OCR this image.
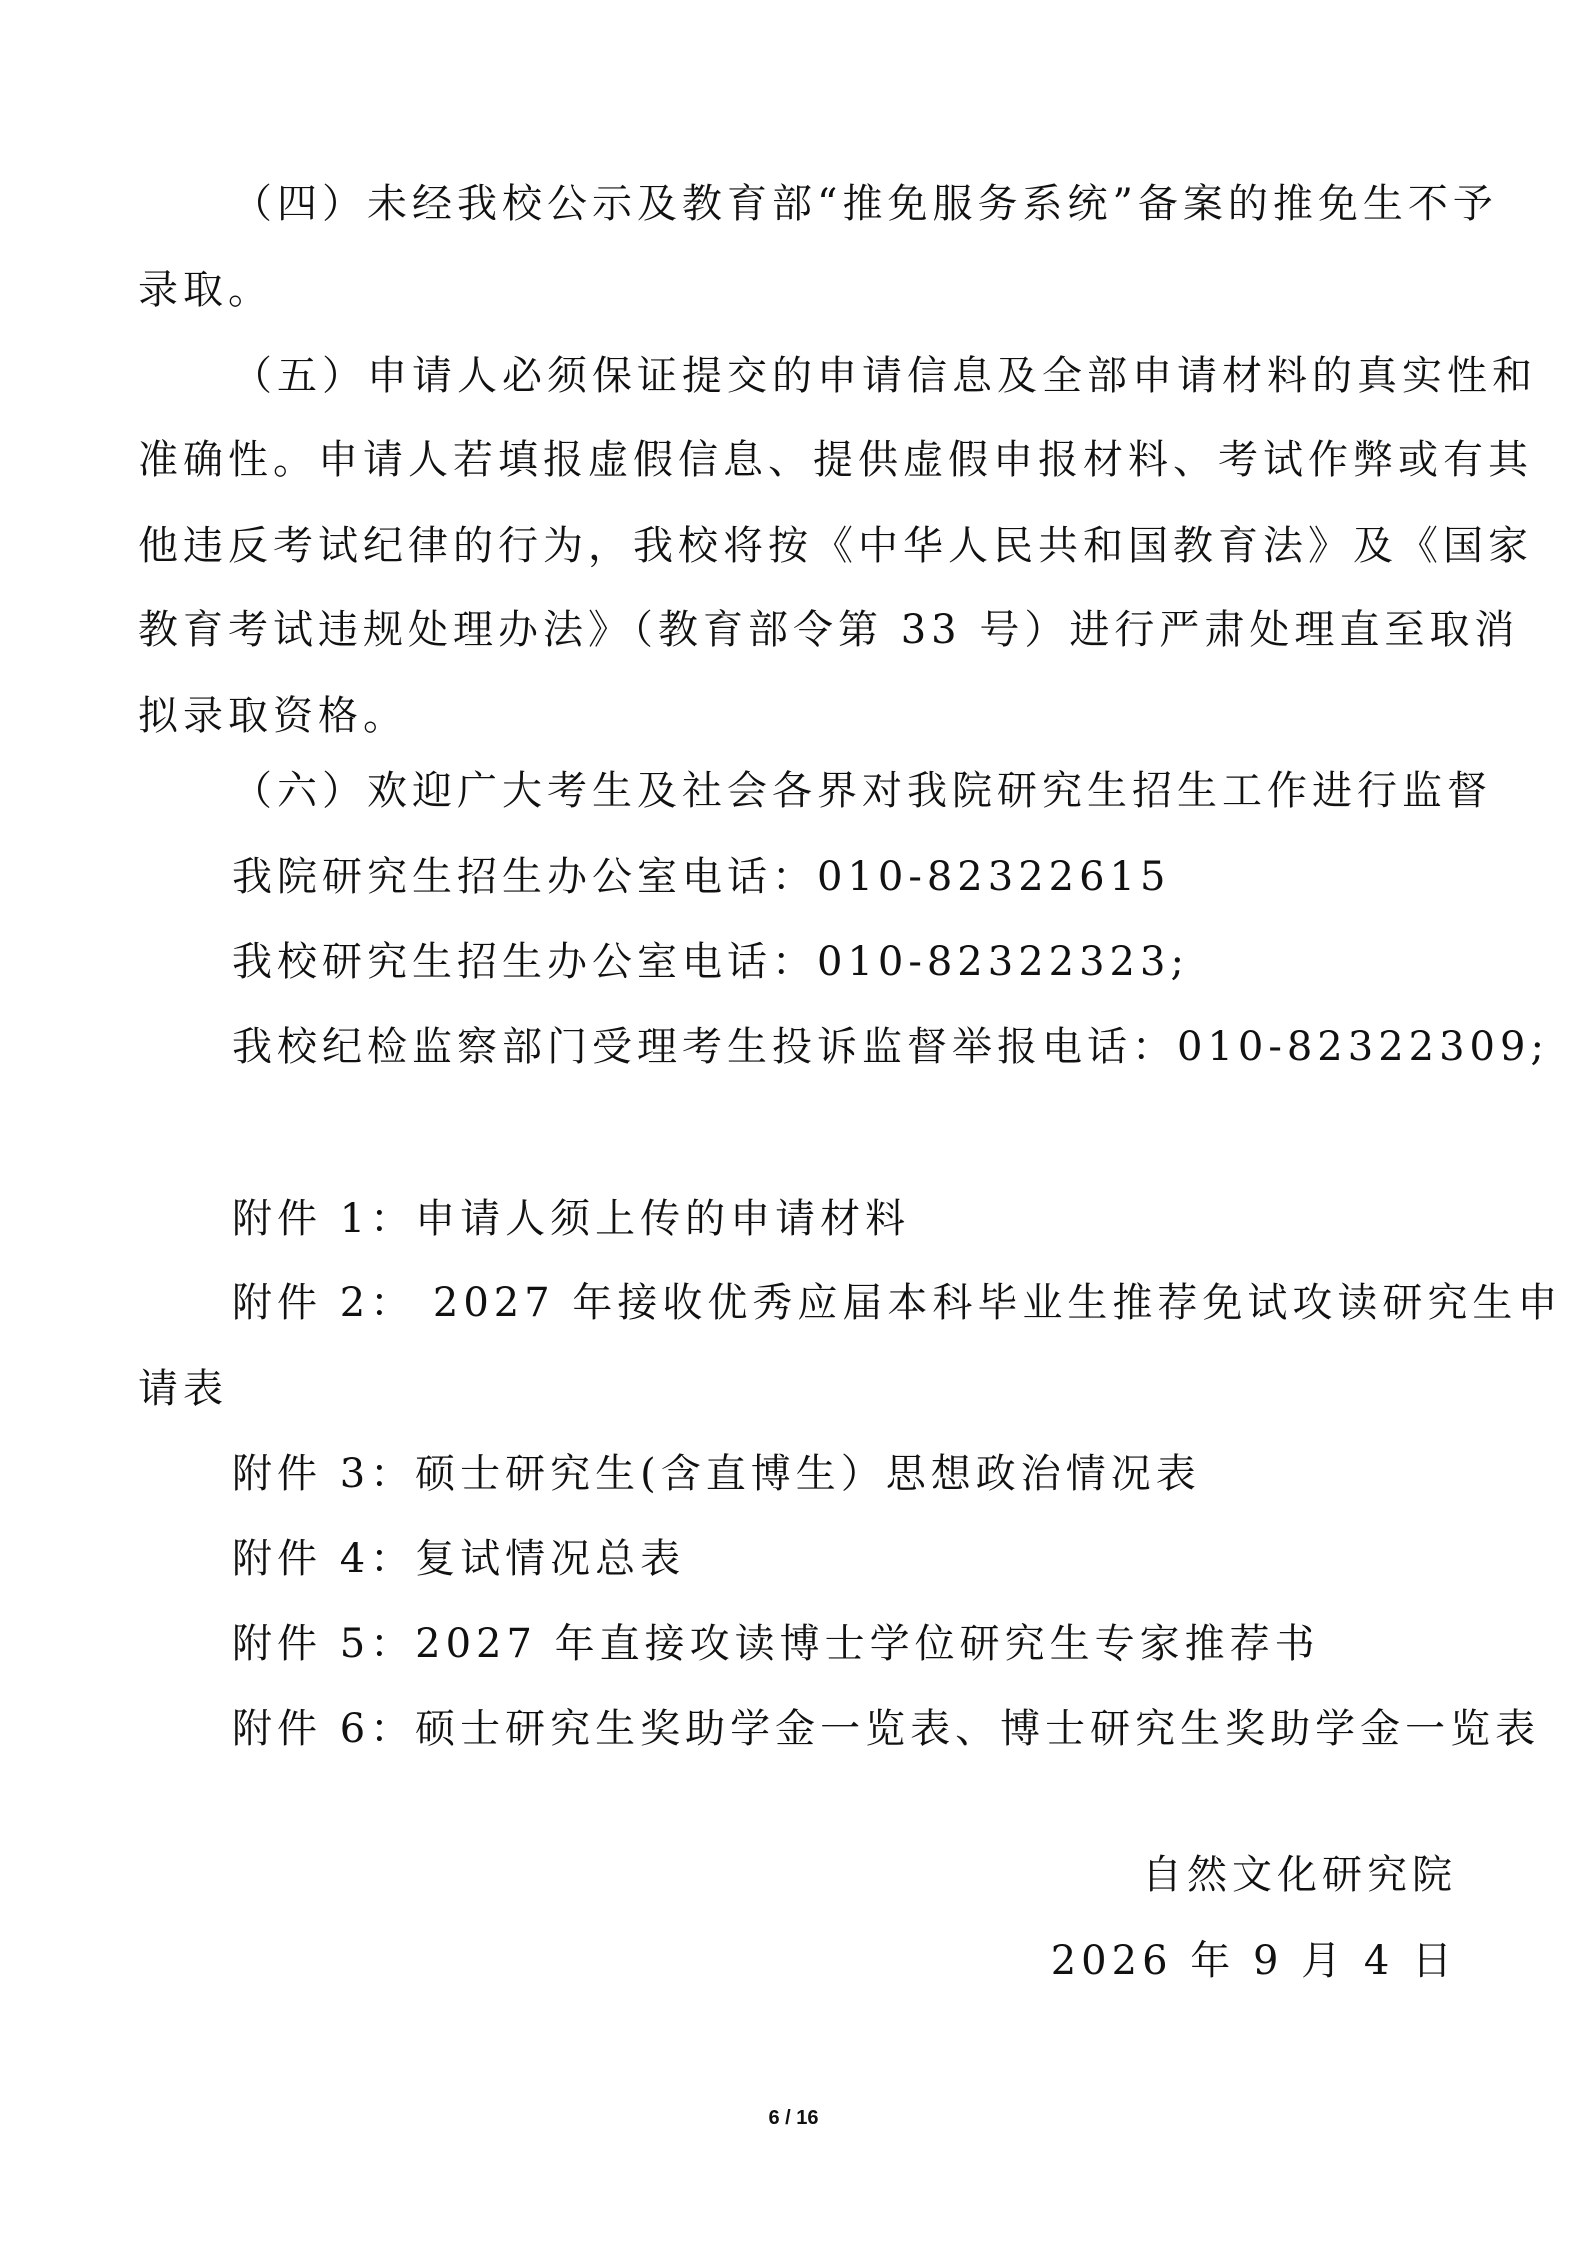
（四）未经我校公示及教育部“推免服务系统”备案的推免生不予
录取。
（五）申请人必须保证提交的申请信息及全部申请材料的真实性和
准确性。申请人若填报虚假信息、提供虚假申报材料、考试作弊或有其
他违反考试纪律的行为，我校将按《中华人民共和国教育法》及《国家
教育考试违规处理办法》（教育部令第 33 号）进行严肃处理直至取消
拟录取资格。
（六）欢迎广大考生及社会各界对我院研究生招生工作进行监督
我院研究生招生办公室电话：010-82322615
我校研究生招生办公室电话：010-82322323;
我校纪检监察部门受理考生投诉监督举报电话：010-82322309;
附件 1：申请人须上传的申请材料
附件 2： 2027 年接收优秀应届本科毕业生推荐免试攻读研究生申
请表
附件 3：硕士研究生(含直博生）思想政治情况表
附件 4：复试情况总表
附件 5：2027 年直接攻读博士学位研究生专家推荐书
附件 6：硕士研究生奖助学金一览表、博士研究生奖助学金一览表
自然文化研究院
2026 年 9 月 4 日
6 / 16
